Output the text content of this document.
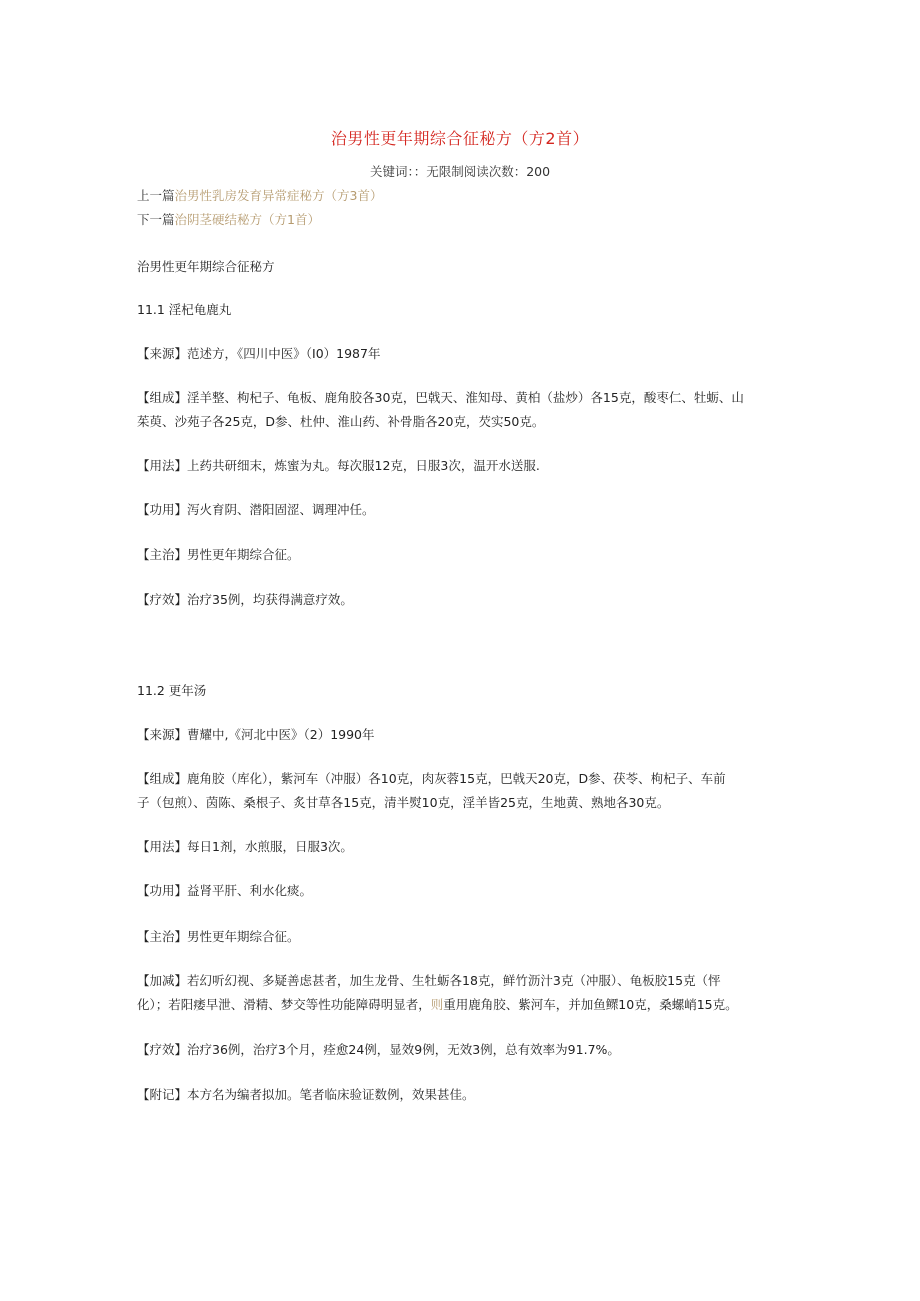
治男性更年期综合征秘方（方2首）
关键词：：无限制阅读次数：200
上一篇治男性乳房发育异常症秘方（方3首）
下一篇治阴茎硬结秘方（方1首）
治男性更年期综合征秘方
11.1 淫杞龟鹿丸
【来源】范述方，《四川中医》（I0）1987年
【组成】淫羊整、枸杞子、龟板、鹿角胶各30克，巴戟天、淮知母、黄柏（盐炒）各15克，酸枣仁、牡蛎、山
茱萸、沙苑子各25克，D参、杜仲、淮山药、补骨脂各20克，芡实50克。
【用法】上药共研细末，炼蜜为丸。每次服12克，日服3次，温开水送服.
【功用】泻火育阴、潜阳固涩、调理冲任。
【主治】男性更年期综合征。
【疗效】治疗35例，均获得满意疗效。
11.2 更年汤
【来源】曹耀中,《河北中医》（2）1990年
【组成】鹿角胶（库化），紫河车（冲服）各10克，肉灰蓉15克，巴戟天20克，D参、茯苓、枸杞子、车前
子（包煎）、茵陈、桑根子、炙甘草各15克，清半熨10克，淫羊皆25克，生地黄、熟地各30克。
【用法】每日1剂，水煎服，日服3次。
【功用】益肾平肝、利水化痰。
【主治】男性更年期综合征。
【加减】若幻听幻视、多疑善虑甚者，加生龙骨、生牡蛎各18克，鲜竹沥汁3克（冲服）、龟板胶15克（怦
化）；若阳痿早泄、滑精、梦交等性功能障碍明显者，则重用鹿角胶、紫河车，并加鱼鳏10克，桑螺峭15克。
【疗效】治疗36例，治疗3个月，痊愈24例，显效9例，无效3例，总有效率为91.7%。
【附记】本方名为编者拟加。笔者临床验证数例，效果甚佳。
